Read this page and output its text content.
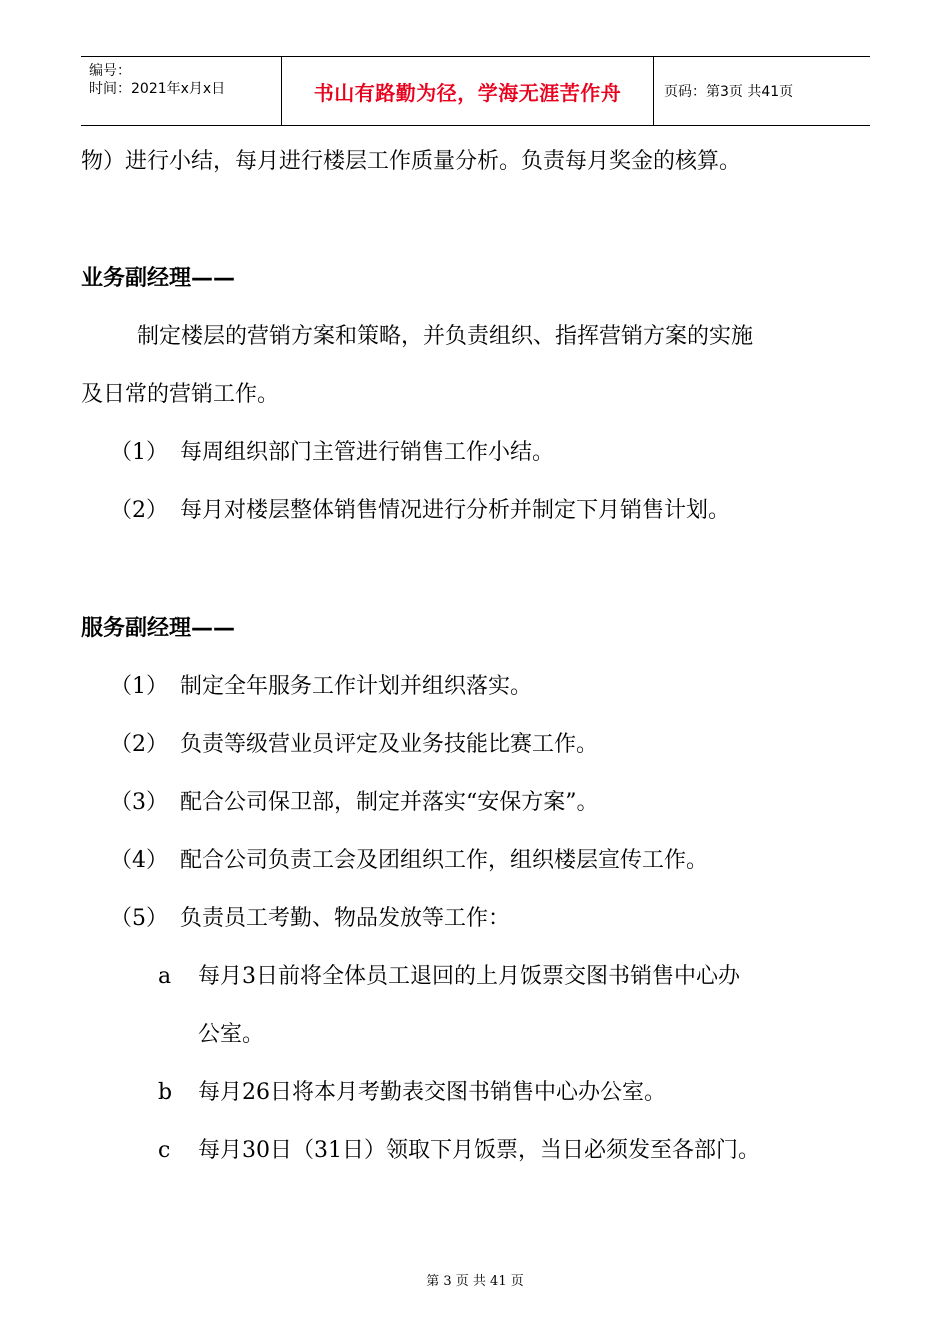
编号：
时间：2021年x月x日	书山有路勤为径，学海无涯苦作舟	页码：第3页 共41页
物）进行小结，每月进行楼层工作质量分析。负责每月奖金的核算。
业务副经理——
制定楼层的营销方案和策略，并负责组织、指挥营销方案的实施
及日常的营销工作。
（1） 每周组织部门主管进行销售工作小结。
（2） 每月对楼层整体销售情况进行分析并制定下月销售计划。
服务副经理——
（1） 制定全年服务工作计划并组织落实。
（2） 负责等级营业员评定及业务技能比赛工作。
（3） 配合公司保卫部，制定并落实“安保方案”。
（4） 配合公司负责工会及团组织工作，组织楼层宣传工作。
（5） 负责员工考勤、物品发放等工作：
a 每月3日前将全体员工退回的上月饭票交图书销售中心办
公室。
b 每月26日将本月考勤表交图书销售中心办公室。
c 每月30日（31日）领取下月饭票，当日必须发至各部门。
第 3 页 共 41 页
